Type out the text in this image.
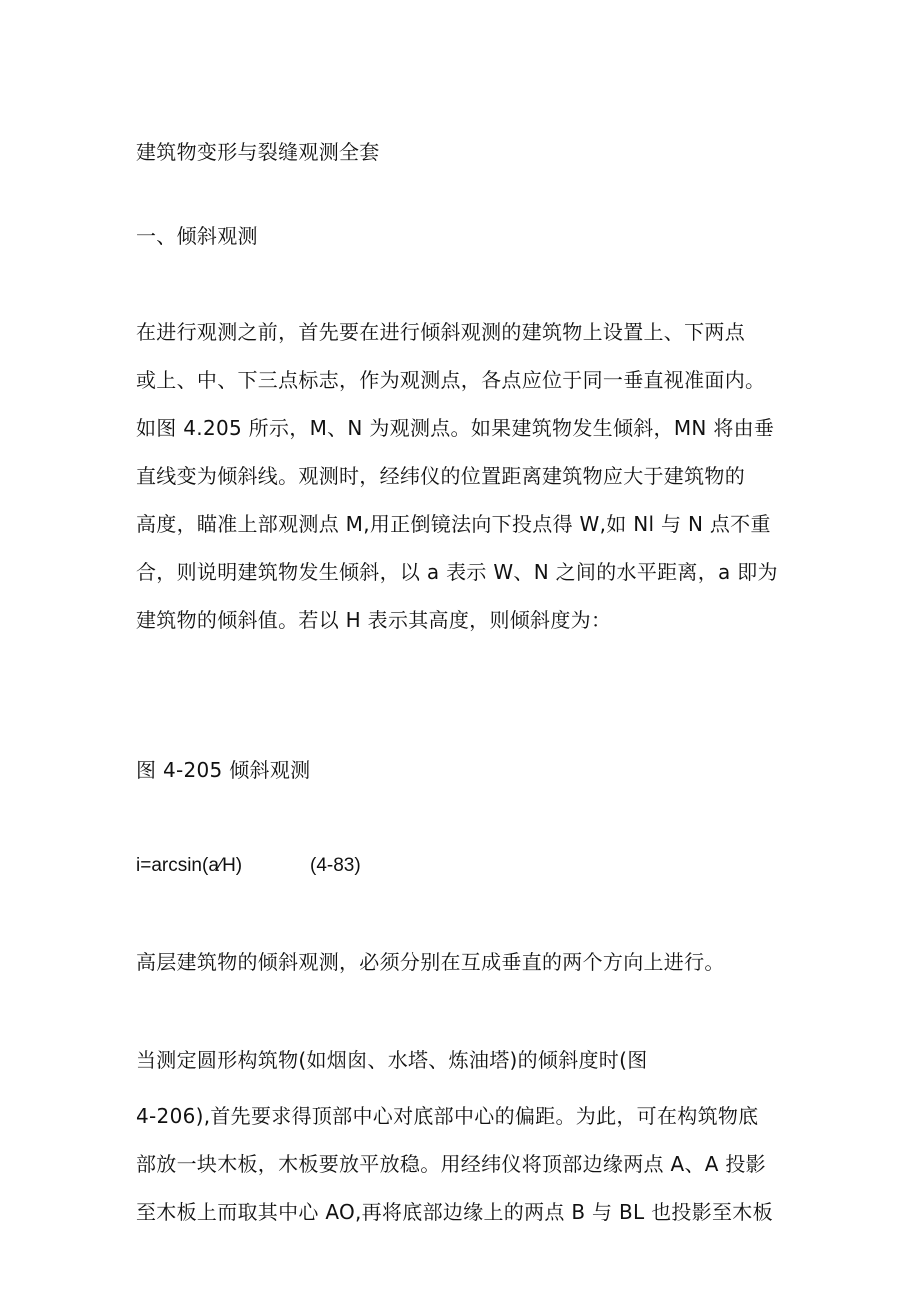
建筑物变形与裂缝观测全套
一、倾斜观测
在进行观测之前，首先要在进行倾斜观测的建筑物上设置上、下两点
或上、中、下三点标志，作为观测点，各点应位于同一垂直视准面内。
如图 4.205 所示，M、N 为观测点。如果建筑物发生倾斜，MN 将由垂
直线变为倾斜线。观测时，经纬仪的位置距离建筑物应大于建筑物的
高度，瞄准上部观测点 M,用正倒镜法向下投点得 W,如 Nl 与 N 点不重
合，则说明建筑物发生倾斜，以 a 表示 W、N 之间的水平距离，a 即为
建筑物的倾斜值。若以 H 表示其高度，则倾斜度为：
图 4-205 倾斜观测
i=arcsin(a⁄H)	(4-83)
高层建筑物的倾斜观测，必须分别在互成垂直的两个方向上进行。
当测定圆形构筑物(如烟囱、水塔、炼油塔)的倾斜度时(图
4-206),首先要求得顶部中心对底部中心的偏距。为此，可在构筑物底
部放一块木板，木板要放平放稳。用经纬仪将顶部边缘两点 A、A 投影
至木板上而取其中心 AO,再将底部边缘上的两点 B 与 BL 也投影至木板
